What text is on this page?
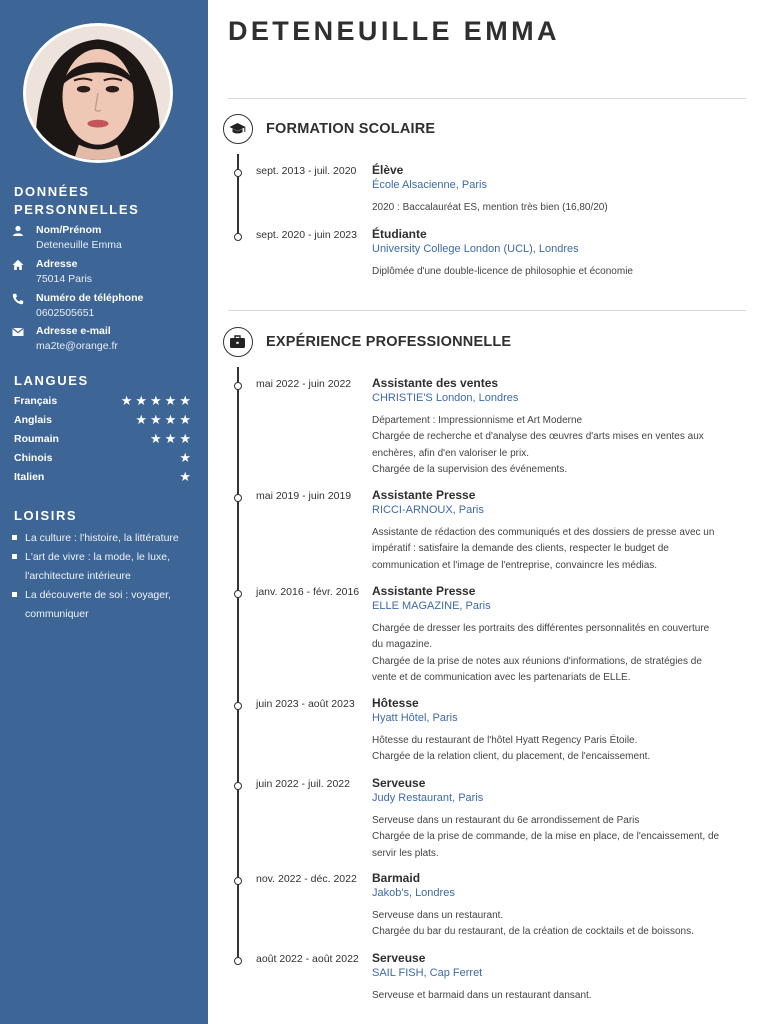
DONNÉES
PERSONNELLES
Nom/Prénom
Deteneuille Emma
Adresse
75014 Paris
Numéro de téléphone
0602505651
Adresse e-mail
ma2te@orange.fr
LANGUES
Français	★★★★★
Anglais	★★★★
Roumain	★★★
Chinois	★
Italien	★
LOISIRS
La culture : l'histoire, la littérature
L'art de vivre : la mode, le luxe,
l'architecture intérieure
La découverte de soi : voyager,
communiquer
DETENEUILLE EMMA
FORMATION SCOLAIRE
sept. 2013 - juil. 2020 Élève
École Alsacienne, Paris
2020 : Baccalauréat ES, mention très bien (16,80/20)
sept. 2020 - juin 2023 Étudiante
University College London (UCL), Londres
Diplômée d'une double-licence de philosophie et économie
EXPÉRIENCE PROFESSIONNELLE
mai 2022 - juin 2022 Assistante des ventes
CHRISTIE'S London, Londres
Département : Impressionnisme et Art Moderne
Chargée de recherche et d'analyse des œuvres d'arts mises en ventes aux
enchères, afin d'en valoriser le prix.
Chargée de la supervision des événements.
mai 2019 - juin 2019 Assistante Presse
RICCI-ARNOUX, Paris
Assistante de rédaction des communiqués et des dossiers de presse avec un
impératif : satisfaire la demande des clients, respecter le budget de
communication et l'image de l'entreprise, convaincre les médias.
janv. 2016 - févr. 2016 Assistante Presse
ELLE MAGAZINE, Paris
Chargée de dresser les portraits des différentes personnalités en couverture
du magazine.
Chargée de la prise de notes aux réunions d'informations, de stratégies de
vente et de communication avec les partenariats de ELLE.
juin 2023 - août 2023 Hôtesse
Hyatt Hôtel, Paris
Hôtesse du restaurant de l'hôtel Hyatt Regency Paris Étoile.
Chargée de la relation client, du placement, de l'encaissement.
juin 2022 - juil. 2022 Serveuse
Judy Restaurant, Paris
Serveuse dans un restaurant du 6e arrondissement de Paris
Chargée de la prise de commande, de la mise en place, de l'encaissement, de
servir les plats.
nov. 2022 - déc. 2022 Barmaid
Jakob's, Londres
Serveuse dans un restaurant.
Chargée du bar du restaurant, de la création de cocktails et de boissons.
août 2022 - août 2022 Serveuse
SAIL FISH, Cap Ferret
Serveuse et barmaid dans un restaurant dansant.
